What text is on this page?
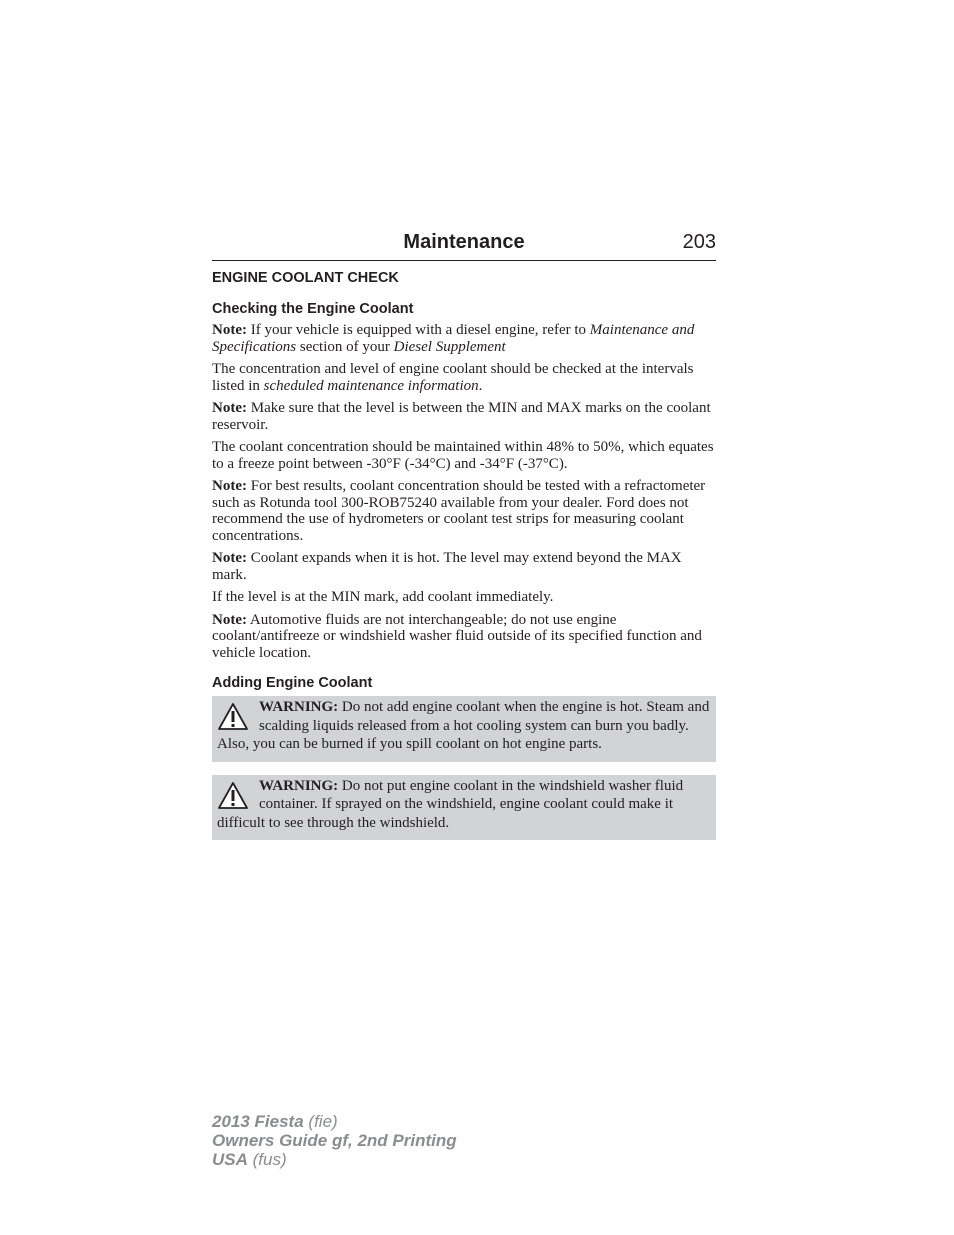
Maintenance	203
ENGINE COOLANT CHECK
Checking the Engine Coolant

Note: If your vehicle is equipped with a diesel engine, refer to Maintenance and Specifications section of your Diesel Supplement

The concentration and level of engine coolant should be checked at the intervals listed in scheduled maintenance information.

Note: Make sure that the level is between the MIN and MAX marks on the coolant reservoir.

The coolant concentration should be maintained within 48% to 50%, which equates to a freeze point between -30°F (-34°C) and -34°F (-37°C).

Note: For best results, coolant concentration should be tested with a refractometer such as Rotunda tool 300-ROB75240 available from your dealer. Ford does not recommend the use of hydrometers or coolant test strips for measuring coolant concentrations.

Note: Coolant expands when it is hot. The level may extend beyond the MAX mark.

If the level is at the MIN mark, add coolant immediately.

Note: Automotive fluids are not interchangeable; do not use engine coolant/antifreeze or windshield washer fluid outside of its specified function and vehicle location.

Adding Engine Coolant
WARNING: Do not add engine coolant when the engine is hot. Steam and scalding liquids released from a hot cooling system can burn you badly. Also, you can be burned if you spill coolant on hot engine parts.
WARNING: Do not put engine coolant in the windshield washer fluid container. If sprayed on the windshield, engine coolant could make it difficult to see through the windshield.
2013 Fiesta (fie)
Owners Guide gf, 2nd Printing
USA (fus)
